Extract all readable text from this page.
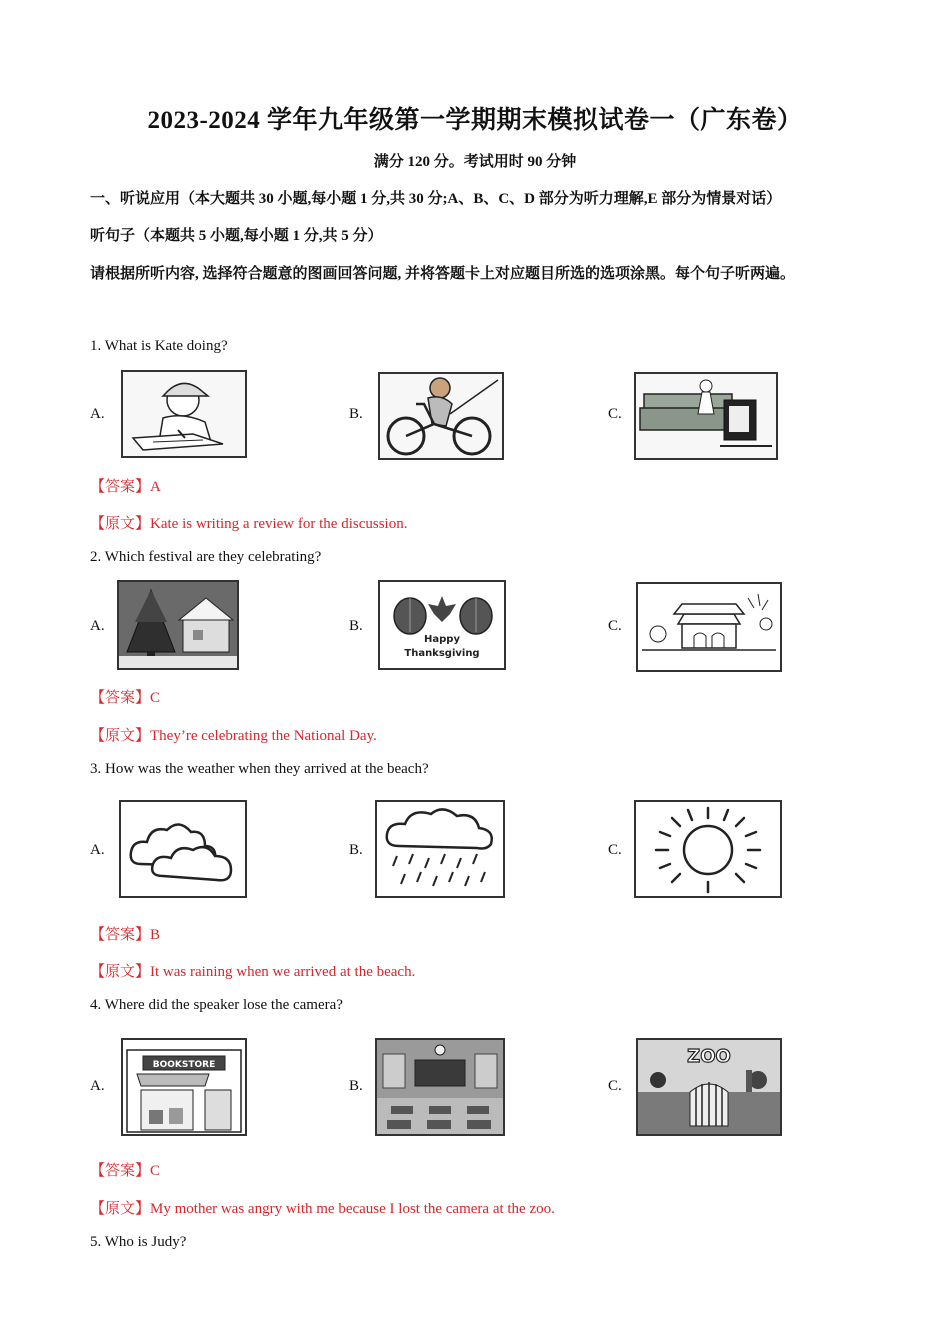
2023-2024 学年九年级第一学期期末模拟试卷一（广东卷）
满分 120 分。考试用时 90 分钟
一、听说应用（本大题共 30 小题,每小题 1 分,共 30 分;A、B、C、D 部分为听力理解,E 部分为情景对话）
听句子（本题共 5 小题,每小题 1 分,共 5 分）
请根据所听内容, 选择符合题意的图画回答问题, 并将答题卡上对应题目所选的选项涂黑。每个句子听两遍。
1. What is Kate doing?
A.	B.	C.
【答案】A
【原文】Kate is writing a review for the discussion.
2. Which festival are they celebrating?
A.	B.	C.
Happy
Thanksgiving
【答案】C
【原文】They’re celebrating the National Day.
3. How was the weather when they arrived at the beach?
A.	B.	C.
【答案】B
【原文】It was raining when we arrived at the beach.
4. Where did the speaker lose the camera?
A.	B.	C.
BOOKSTORE	ZOO
【答案】C
【原文】My mother was angry with me because I lost the camera at the zoo.
5. Who is Judy?
